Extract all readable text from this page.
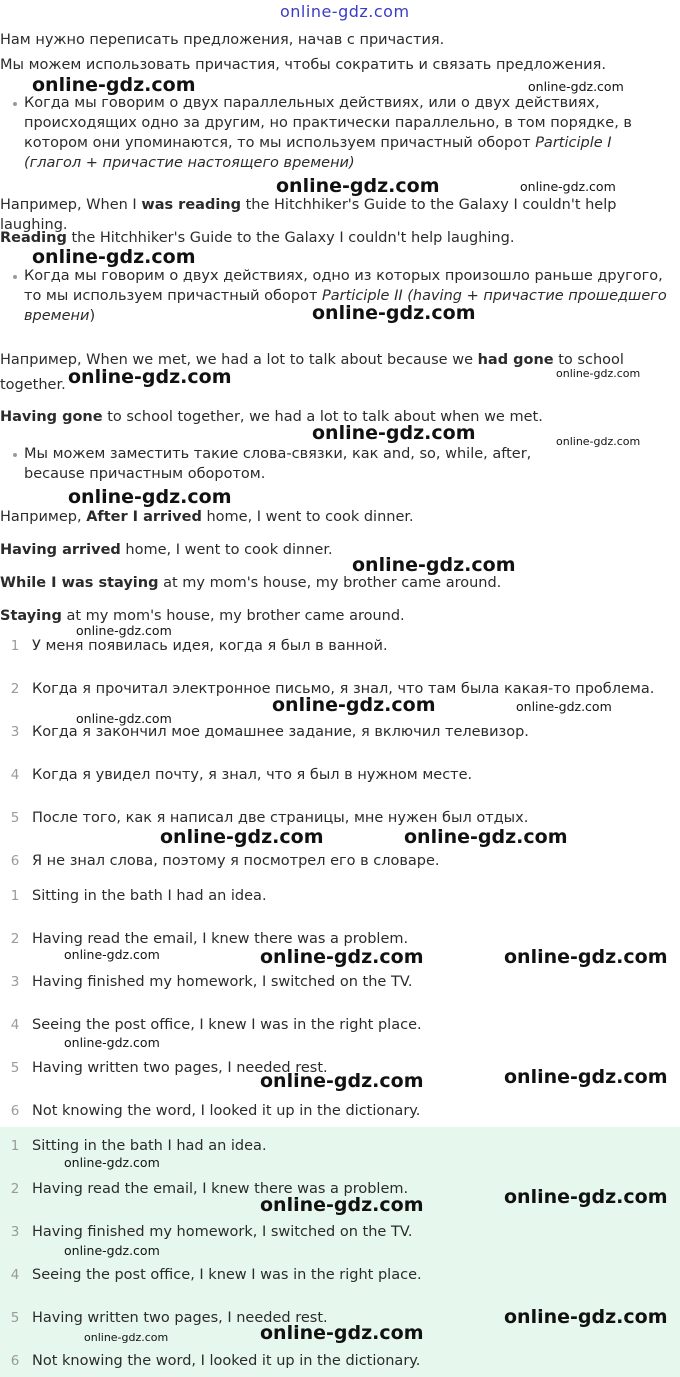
online-gdz.com
Нам нужно переписать предложения, начав с причастия.
Мы можем использовать причастия, чтобы сократить и связать предложения.
Когда мы говорим о двух параллельных действиях, или о двух действиях, происходящих одно за другим, но практически параллельно, в том порядке, в котором они упоминаются, то мы используем причастный оборот Participle I (глагол + причастие настоящего времени)
Например, When I was reading the Hitchhiker's Guide to the Galaxy I couldn't help laughing.
Reading the Hitchhiker's Guide to the Galaxy I couldn't help laughing.
Когда мы говорим о двух действиях, одно из которых произошло раньше другого, то мы используем причастный оборот Participle II (having + причастие прошедшего времени)
Например, When we met, we had a lot to talk about because we had gone to school together.
Having gone to school together, we had a lot to talk about when we met.
Мы можем заместить такие слова-связки, как and, so, while, after, because причастным оборотом.
Например, After I arrived home, I went to cook dinner.
Having arrived home, I went to cook dinner.
While I was staying at my mom's house, my brother came around.
Staying at my mom's house, my brother came around.
1 У меня появилась идея, когда я был в ванной.
2 Когда я прочитал электронное письмо, я знал, что там была какая-то проблема.
3 Когда я закончил мое домашнее задание, я включил телевизор.
4 Когда я увидел почту, я знал, что я был в нужном месте.
5 После того, как я написал две страницы, мне нужен был отдых.
6 Я не знал слова, поэтому я посмотрел его в словаре.
1 Sitting in the bath I had an idea.
2 Having read the email, I knew there was a problem.
3 Having finished my homework, I switched on the TV.
4 Seeing the post office, I knew I was in the right place.
5 Having written two pages, I needed rest.
6 Not knowing the word, I looked it up in the dictionary.
1 Sitting in the bath I had an idea.
2 Having read the email, I knew there was a problem.
3 Having finished my homework, I switched on the TV.
4 Seeing the post office, I knew I was in the right place.
5 Having written two pages, I needed rest.
6 Not knowing the word, I looked it up in the dictionary.
online-gdz.com	online-gdz.com
online-gdz.com	online-gdz.com
online-gdz.com
online-gdz.com
online-gdz.com	online-gdz.com
online-gdz.com	online-gdz.com
online-gdz.com
online-gdz.com
online-gdz.com
online-gdz.com	online-gdz.com
online-gdz.com
online-gdz.com	online-gdz.com
online-gdz.com	online-gdz.com	online-gdz.com
online-gdz.com
online-gdz.com	online-gdz.com
online-gdz.com
online-gdz.com	online-gdz.com
online-gdz.com
online-gdz.com
online-gdz.com	online-gdz.com
